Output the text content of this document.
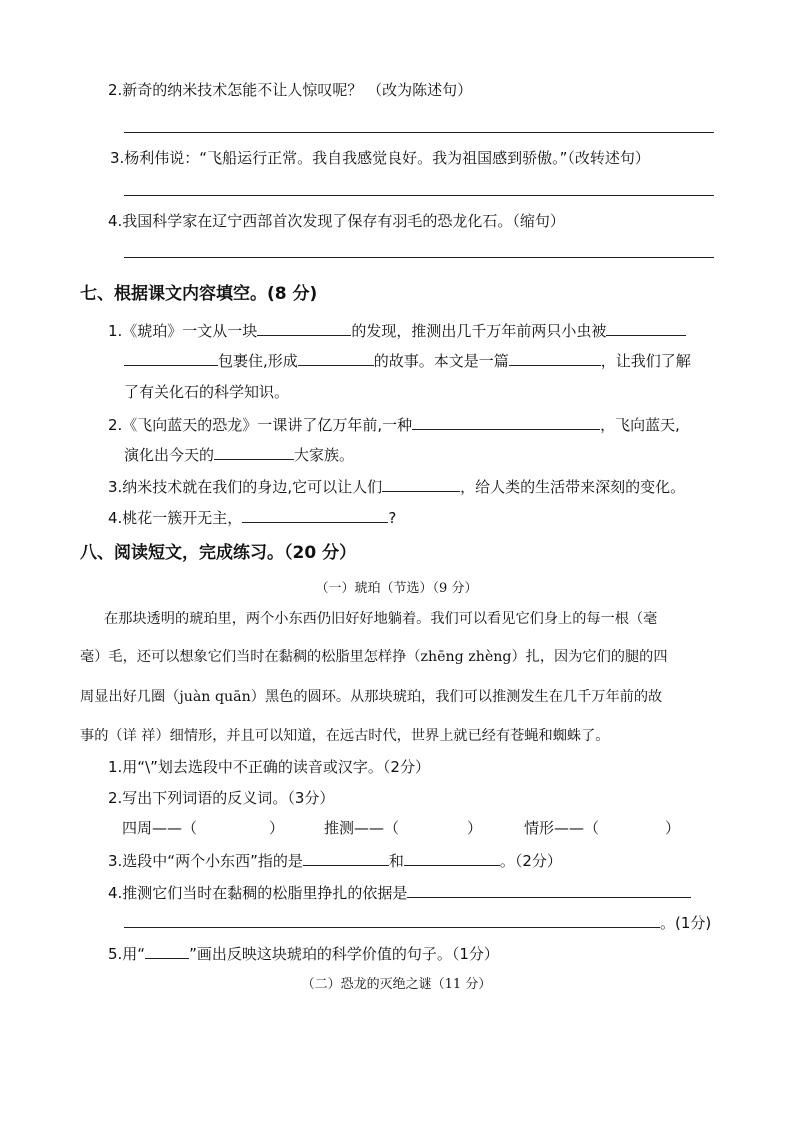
2.新奇的纳米技术怎能不让人惊叹呢？ （改为陈述句）
3.杨利伟说：“飞船运行正常。我自我感觉良好。我为祖国感到骄傲。”（改转述句）
4.我国科学家在辽宁西部首次发现了保存有羽毛的恐龙化石。（缩句）
七、根据课文内容填空。(8 分)
1.《琥珀》一文从一块	的发现，推测出几千万年前两只小虫被
包裹住,形成	的故事。本文是一篇	，让我们了解
了有关化石的科学知识。
2.《飞向蓝天的恐龙》一课讲了亿万年前,一种	，飞向蓝天,
演化出今天的	大家族。
3.纳米技术就在我们的身边,它可以让人们	，给人类的生活带来深刻的变化。
4.桃花一簇开无主，	?
八、阅读短文，完成练习。（20 分）
（一）琥珀（节选）（9 分）
在那块透明的琥珀里，两个小东西仍旧好好地躺着。我们可以看见它们身上的每一根（毫
毫）毛，还可以想象它们当时在黏稠的松脂里怎样挣（zhēng zhèng）扎，因为它们的腿的四
周显出好几圈（juàn quān）黑色的圆环。从那块琥珀，我们可以推测发生在几千万年前的故
事的（详 祥）细情形，并且可以知道，在远古时代，世界上就已经有苍蝇和蜘蛛了。
1.用“\”划去选段中不正确的读音或汉字。（2分）
2.写出下列词语的反义词。（3分）
四周——（	）	推测——（	）	情形——（	）
3.选段中“两个小东西”指的是	和	。（2分）
4.推测它们当时在黏稠的松脂里挣扎的依据是
。(1分)
5.用“	”画出反映这块琥珀的科学价值的句子。（1分）
（二）恐龙的灭绝之谜（11 分）
